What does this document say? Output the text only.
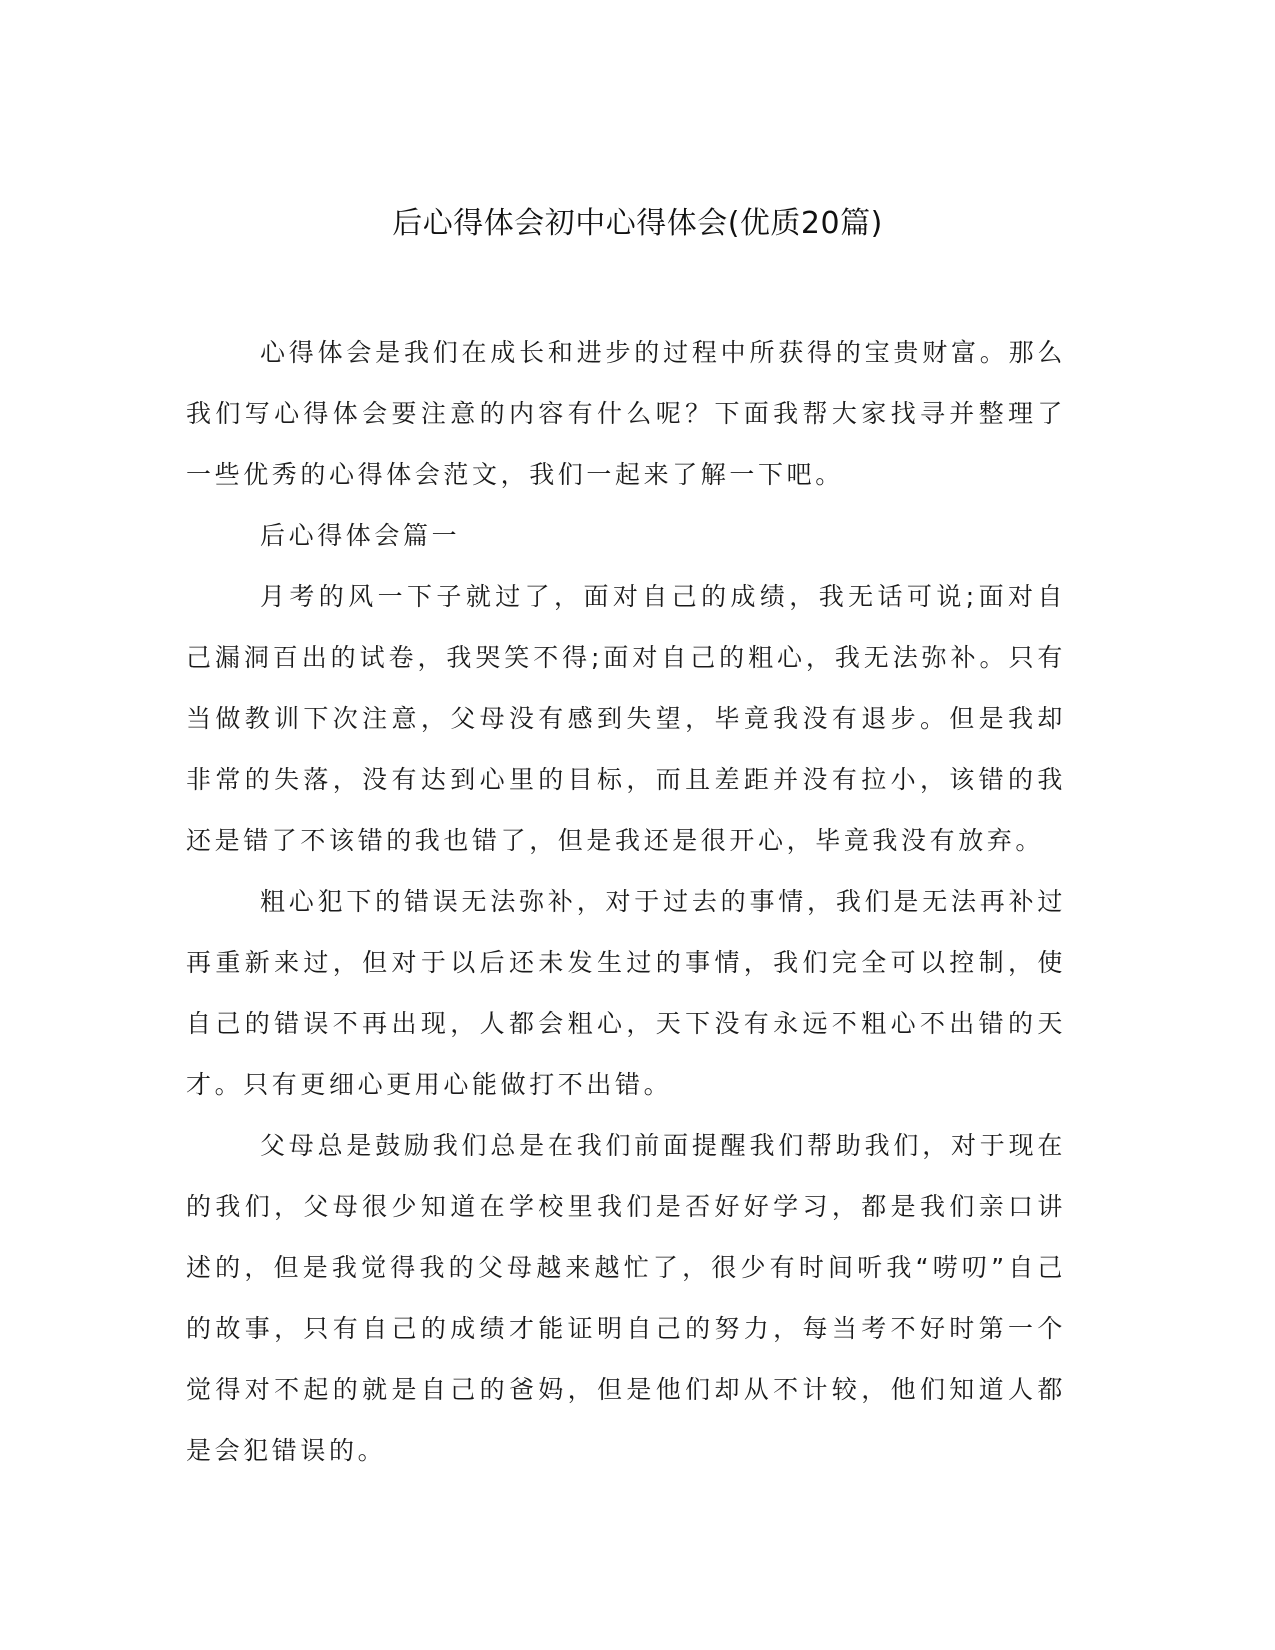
后心得体会初中心得体会(优质20篇)

心得体会是我们在成长和进步的过程中所获得的宝贵财富。那么我们写心得体会要注意的内容有什么呢？下面我帮大家找寻并整理了一些优秀的心得体会范文，我们一起来了解一下吧。

后心得体会篇一

月考的风一下子就过了，面对自己的成绩，我无话可说;面对自己漏洞百出的试卷，我哭笑不得;面对自己的粗心，我无法弥补。只有当做教训下次注意，父母没有感到失望，毕竟我没有退步。但是我却非常的失落，没有达到心里的目标，而且差距并没有拉小，该错的我还是错了不该错的我也错了，但是我还是很开心，毕竟我没有放弃。

粗心犯下的错误无法弥补，对于过去的事情，我们是无法再补过再重新来过，但对于以后还未发生过的事情，我们完全可以控制，使自己的错误不再出现，人都会粗心，天下没有永远不粗心不出错的天才。只有更细心更用心能做打不出错。

父母总是鼓励我们总是在我们前面提醒我们帮助我们，对于现在的我们，父母很少知道在学校里我们是否好好学习，都是我们亲口讲述的，但是我觉得我的父母越来越忙了，很少有时间听我“唠叨”自己的故事，只有自己的成绩才能证明自己的努力，每当考不好时第一个觉得对不起的就是自己的爸妈，但是他们却从不计较，他们知道人都是会犯错误的。
